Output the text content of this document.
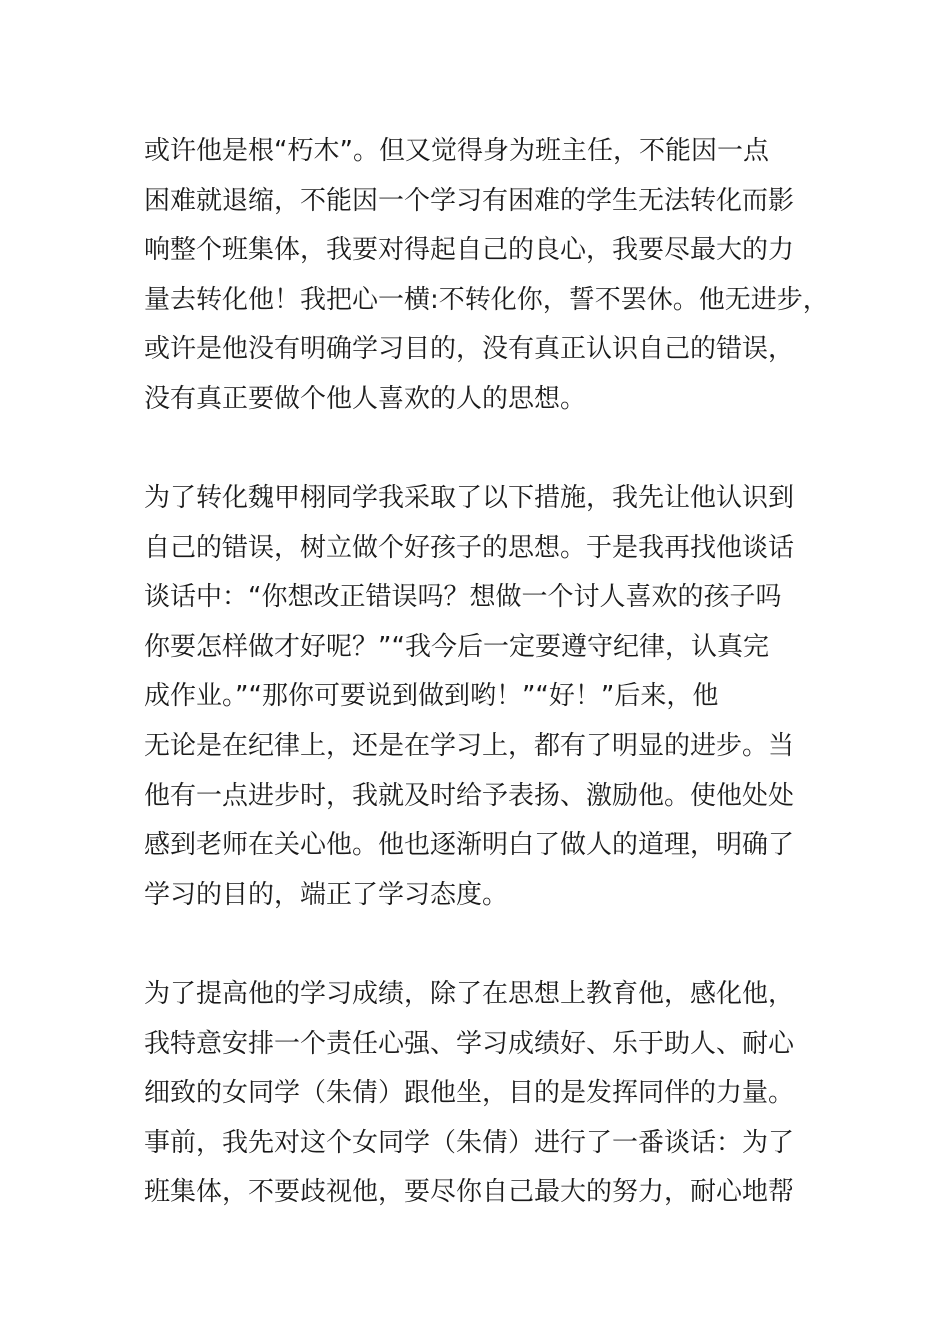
或许他是根“朽木”。但又觉得身为班主任，不能因一点
困难就退缩，不能因一个学习有困难的学生无法转化而影
响整个班集体，我要对得起自己的良心，我要尽最大的力
量去转化他！我把心一横:不转化你，誓不罢休。他无进步，
或许是他没有明确学习目的，没有真正认识自己的错误，
没有真正要做个他人喜欢的人的思想。

为了转化魏甲栩同学我采取了以下措施，我先让他认识到
自己的错误，树立做个好孩子的思想。于是我再找他谈话
谈话中：“你想改正错误吗？想做一个讨人喜欢的孩子吗
你要怎样做才好呢？”“我今后一定要遵守纪律，认真完
成作业。”“那你可要说到做到哟！”“好！”后来，他
无论是在纪律上，还是在学习上，都有了明显的进步。当
他有一点进步时，我就及时给予表扬、激励他。使他处处
感到老师在关心他。他也逐渐明白了做人的道理，明确了
学习的目的，端正了学习态度。

为了提高他的学习成绩，除了在思想上教育他，感化他，
我特意安排一个责任心强、学习成绩好、乐于助人、耐心
细致的女同学（朱倩）跟他坐，目的是发挥同伴的力量。
事前，我先对这个女同学（朱倩）进行了一番谈话：为了
班集体，不要歧视他，要尽你自己最大的努力，耐心地帮
